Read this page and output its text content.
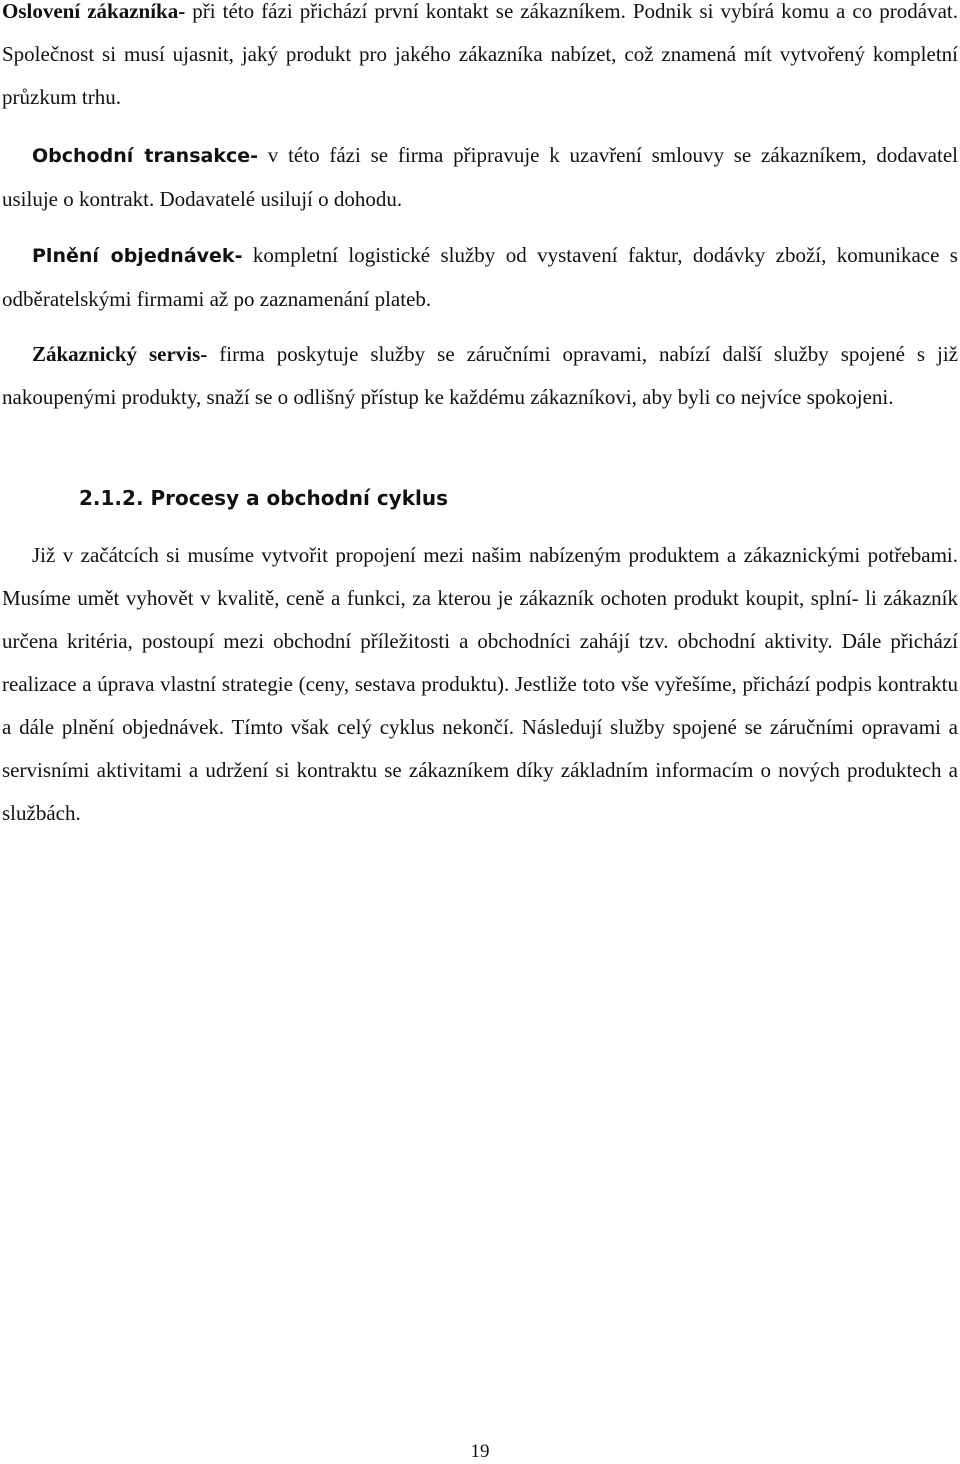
Oslovení zákazníka- při této fázi přichází první kontakt se zákazníkem. Podnik si vybírá komu a co prodávat. Společnost si musí ujasnit, jaký produkt pro jakého zákazníka nabízet, což znamená mít vytvořený kompletní průzkum trhu.

Obchodní transakce- v této fázi se firma připravuje k uzavření smlouvy se zákazníkem, dodavatel usiluje o kontrakt. Dodavatelé usilují o dohodu.

Plnění objednávek- kompletní logistické služby od vystavení faktur, dodávky zboží, komunikace s odběratelskými firmami až po zaznamenání plateb.

Zákaznický servis- firma poskytuje služby se záručními opravami, nabízí další služby spojené s již nakoupenými produkty, snaží se o odlišný přístup ke každému zákazníkovi, aby byli co nejvíce spokojeni.

2.1.2. Procesy a obchodní cyklus

Již v začátcích si musíme vytvořit propojení mezi našim nabízeným produktem a zákaznickými potřebami. Musíme umět vyhovět v kvalitě, ceně a funkci, za kterou je zákazník ochoten produkt koupit, splní- li zákazník určena kritéria, postoupí mezi obchodní příležitosti a obchodníci zahájí tzv. obchodní aktivity. Dále přichází realizace a úprava vlastní strategie (ceny, sestava produktu). Jestliže toto vše vyřešíme, přichází podpis kontraktu a dále plnění objednávek. Tímto však celý cyklus nekončí. Následují služby spojené se záručními opravami a servisními aktivitami a udržení si kontraktu se zákazníkem díky základním informacím o nových produktech a službách.

19
